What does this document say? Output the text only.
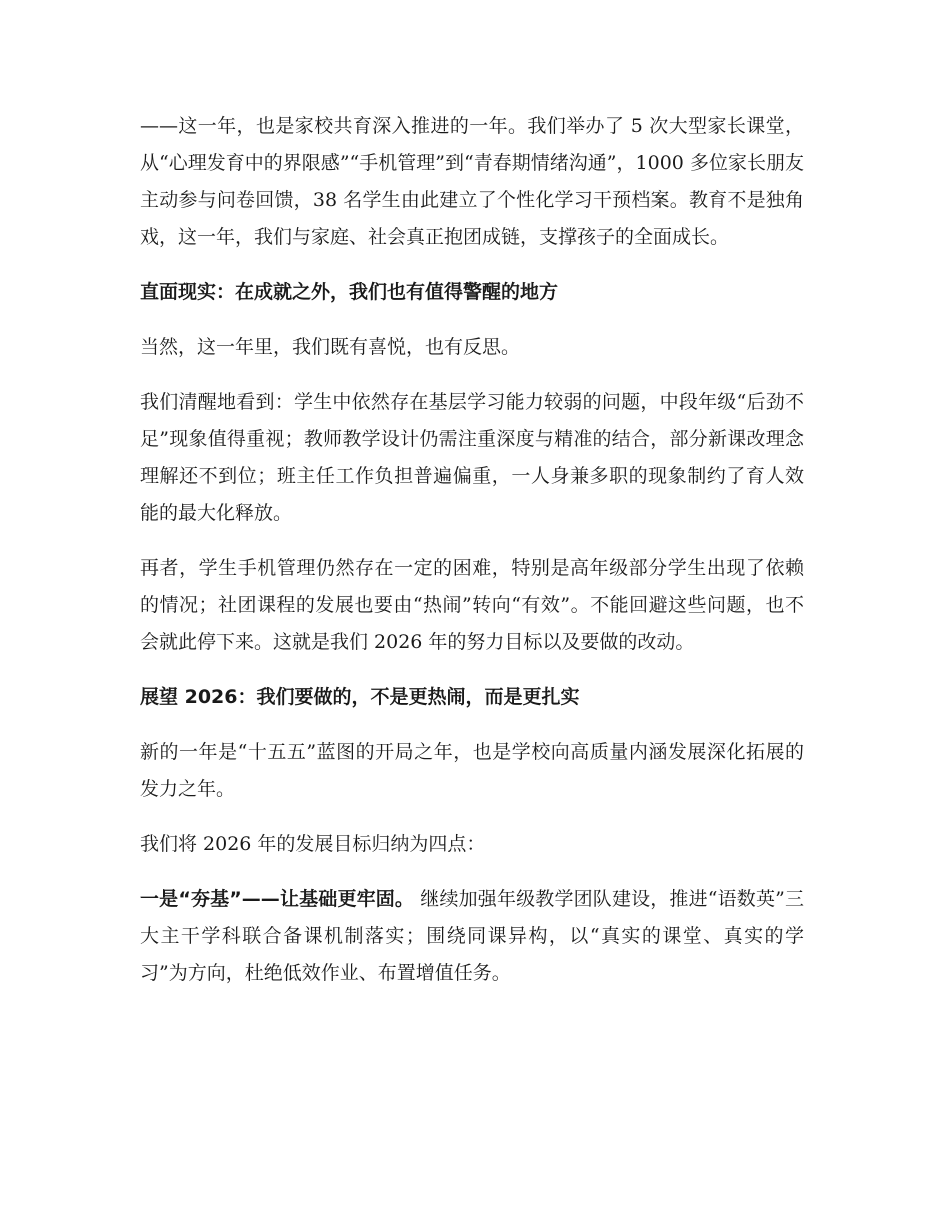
——这一年，也是家校共育深入推进的一年。我们举办了 5 次大型家长课堂，从“心理发育中的界限感”“手机管理”到“青春期情绪沟通”，1000 多位家长朋友主动参与问卷回馈，38 名学生由此建立了个性化学习干预档案。教育不是独角戏，这一年，我们与家庭、社会真正抱团成链，支撑孩子的全面成长。

直面现实：在成就之外，我们也有值得警醒的地方

当然，这一年里，我们既有喜悦，也有反思。

我们清醒地看到：学生中依然存在基层学习能力较弱的问题，中段年级“后劲不足”现象值得重视；教师教学设计仍需注重深度与精准的结合，部分新课改理念理解还不到位；班主任工作负担普遍偏重，一人身兼多职的现象制约了育人效能的最大化释放。

再者，学生手机管理仍然存在一定的困难，特别是高年级部分学生出现了依赖的情况；社团课程的发展也要由“热闹”转向“有效”。不能回避这些问题，也不会就此停下来。这就是我们 2026 年的努力目标以及要做的改动。

展望 2026：我们要做的，不是更热闹，而是更扎实

新的一年是“十五五”蓝图的开局之年，也是学校向高质量内涵发展深化拓展的发力之年。

我们将 2026 年的发展目标归纳为四点：

一是“夯基”——让基础更牢固。 继续加强年级教学团队建设，推进“语数英”三大主干学科联合备课机制落实；围绕同课异构，以“真实的课堂、真实的学习”为方向，杜绝低效作业、布置增值任务。
